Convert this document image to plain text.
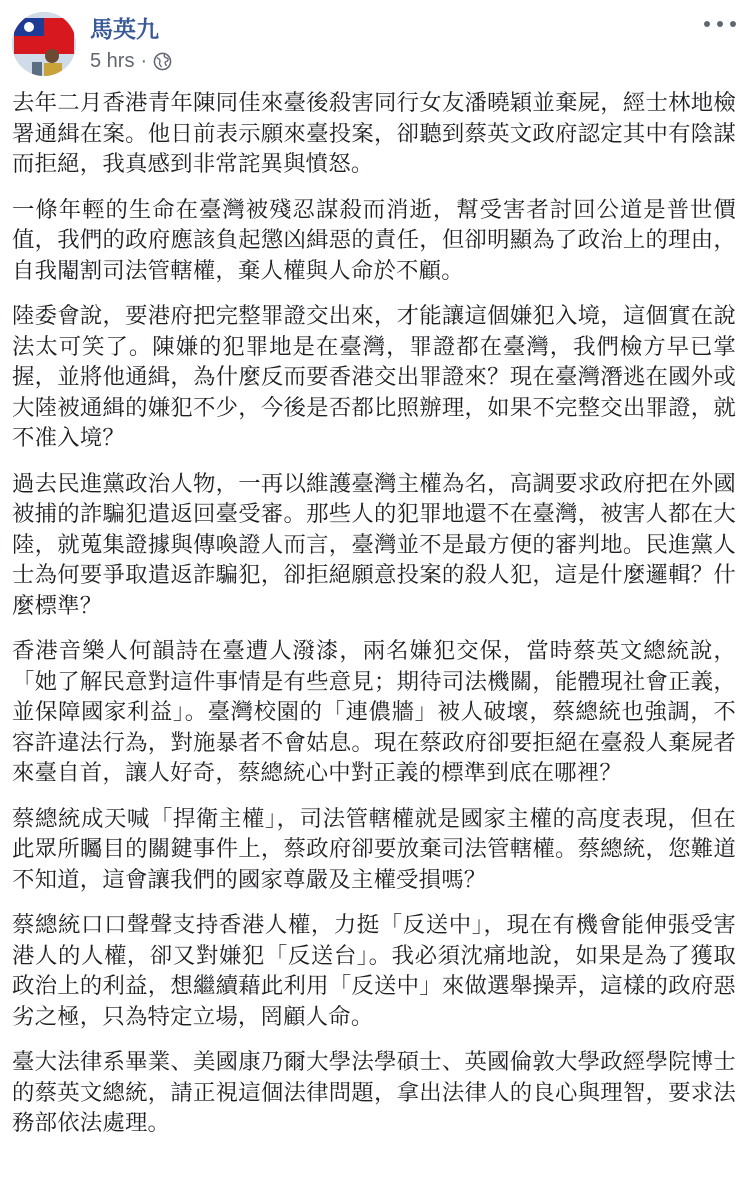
馬英九
5 hrs ·

去年二月香港青年陳同佳來臺後殺害同行女友潘曉穎並棄屍，經士林地檢署通緝在案。他日前表示願來臺投案，卻聽到蔡英文政府認定其中有陰謀而拒絕，我真感到非常詫異與憤怒。

一條年輕的生命在臺灣被殘忍謀殺而消逝，幫受害者討回公道是普世價值，我們的政府應該負起懲凶緝惡的責任，但卻明顯為了政治上的理由，自我閹割司法管轄權，棄人權與人命於不顧。

陸委會說，要港府把完整罪證交出來，才能讓這個嫌犯入境，這個實在說法太可笑了。陳嫌的犯罪地是在臺灣，罪證都在臺灣，我們檢方早已掌握，並將他通緝，為什麼反而要香港交出罪證來？現在臺灣潛逃在國外或大陸被通緝的嫌犯不少，今後是否都比照辦理，如果不完整交出罪證，就不准入境？

過去民進黨政治人物，一再以維護臺灣主權為名，高調要求政府把在外國被捕的詐騙犯遣返回臺受審。那些人的犯罪地還不在臺灣，被害人都在大陸，就蒐集證據與傳喚證人而言，臺灣並不是最方便的審判地。民進黨人士為何要爭取遣返詐騙犯，卻拒絕願意投案的殺人犯，這是什麼邏輯？什麼標準？

香港音樂人何韻詩在臺遭人潑漆，兩名嫌犯交保，當時蔡英文總統說，「她了解民意對這件事情是有些意見；期待司法機關，能體現社會正義，並保障國家利益」。臺灣校園的「連儂牆」被人破壞，蔡總統也強調，不容許違法行為，對施暴者不會姑息。現在蔡政府卻要拒絕在臺殺人棄屍者來臺自首，讓人好奇，蔡總統心中對正義的標準到底在哪裡？

蔡總統成天喊「捍衛主權」，司法管轄權就是國家主權的高度表現，但在此眾所矚目的關鍵事件上，蔡政府卻要放棄司法管轄權。蔡總統，您難道不知道，這會讓我們的國家尊嚴及主權受損嗎？

蔡總統口口聲聲支持香港人權，力挺「反送中」，現在有機會能伸張受害港人的人權，卻又對嫌犯「反送台」。我必須沈痛地說，如果是為了獲取政治上的利益，想繼續藉此利用「反送中」來做選舉操弄，這樣的政府惡劣之極，只為特定立場，罔顧人命。

臺大法律系畢業、美國康乃爾大學法學碩士、英國倫敦大學政經學院博士的蔡英文總統，請正視這個法律問題，拿出法律人的良心與理智，要求法務部依法處理。
